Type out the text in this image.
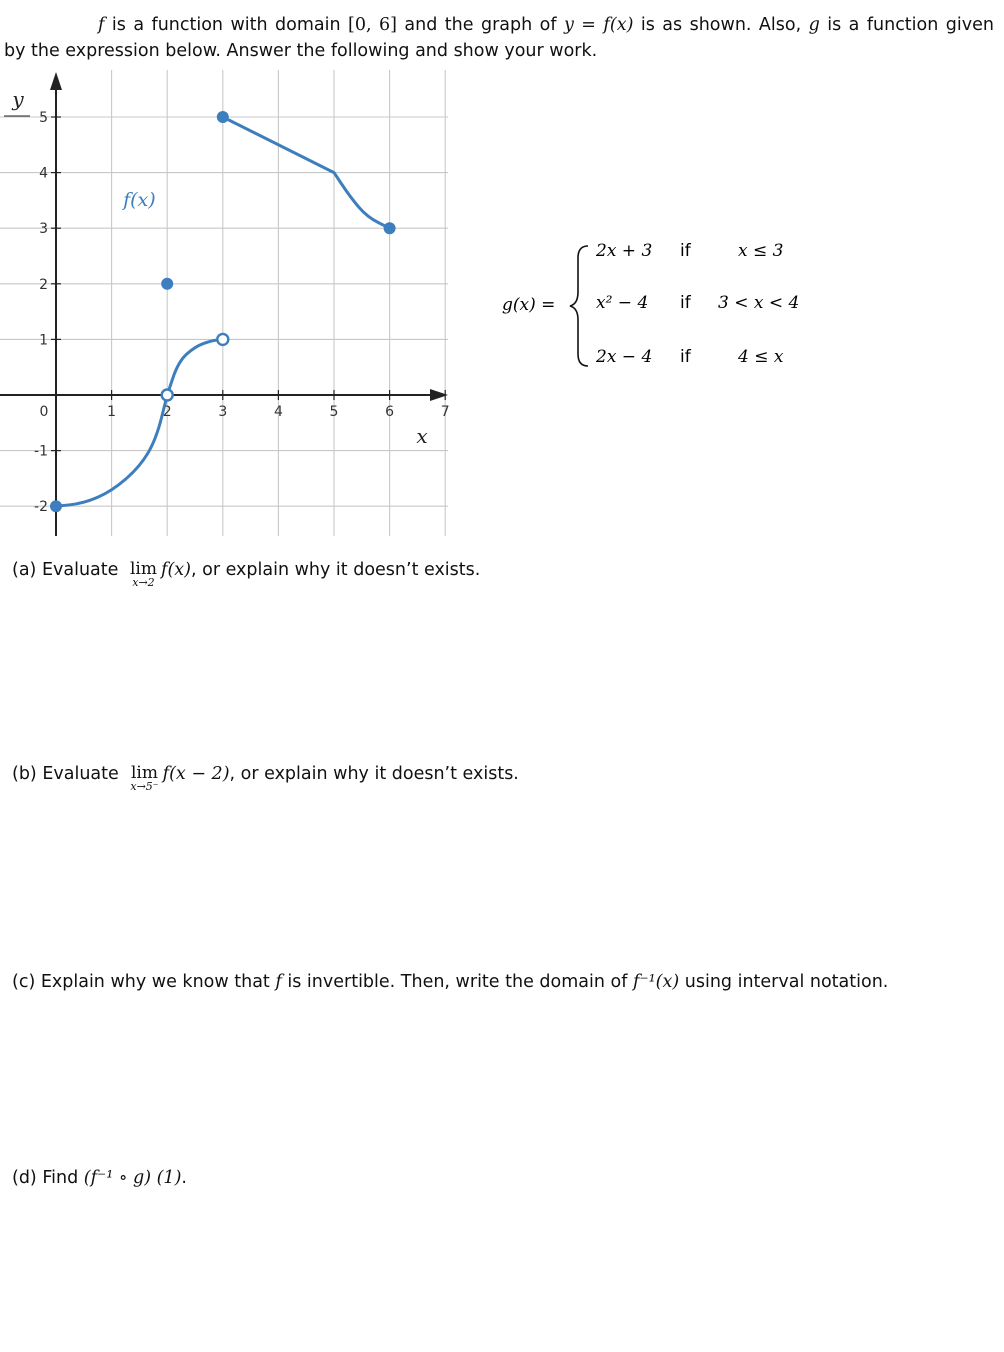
f is a function with domain [0, 6] and the graph of y = f(x) is as shown. Also, g is a function given
by the expression below. Answer the following and show your work.
0	1	2	3	4	5	6	7
-2
-1
1
2
3
4
5
x
y
f(x)
g(x) =
2x + 3 if	x ≤ 3
x² − 4 if 3 < x < 4
2x − 4 if	4 ≤ x
(a) Evaluate lim
x→2
f(x), or explain why it doesn’t exists.
(b) Evaluate lim
x→5⁻
f(x − 2), or explain why it doesn’t exists.
(c) Explain why we know that f is invertible. Then, write the domain of f⁻¹(x) using interval notation.
(d) Find (f⁻¹ ∘ g) (1).
